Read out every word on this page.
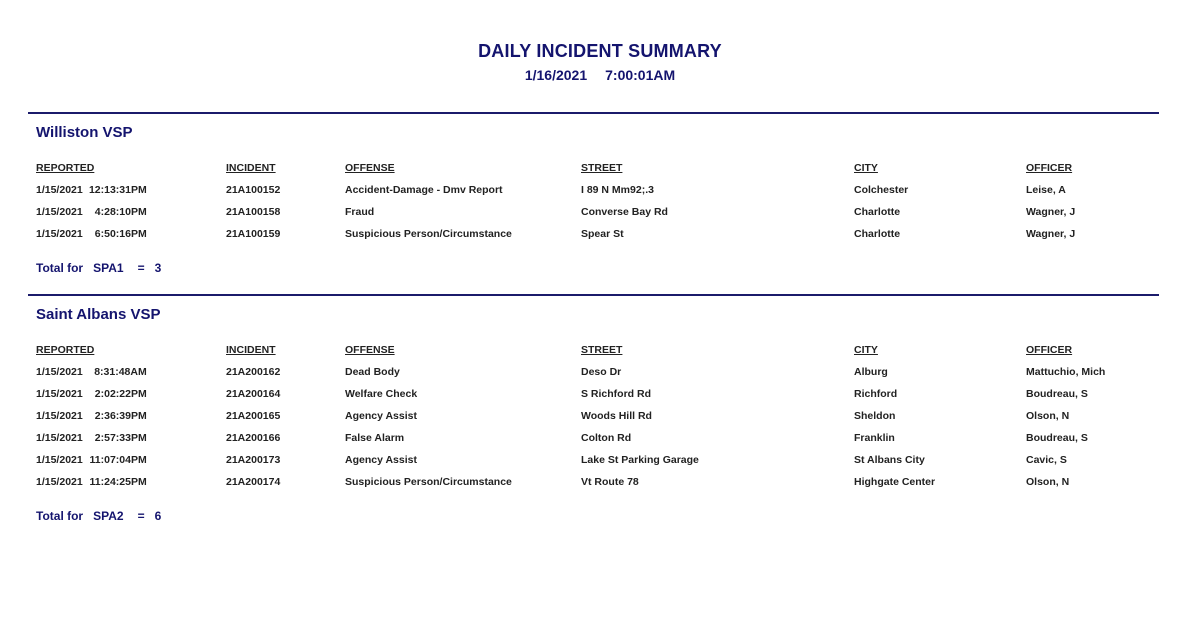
DAILY INCIDENT SUMMARY
1/16/2021 7:00:01AM
Williston VSP
REPORTED	INCIDENT	OFFENSE	STREET	CITY	OFFICER
1/15/2021 12:13:31PM	21A100152	Accident-Damage - Dmv Report	I 89 N Mm92;.3	Colchester	Leise, A
1/15/2021 4:28:10PM	21A100158	Fraud	Converse Bay Rd	Charlotte	Wagner, J
1/15/2021 6:50:16PM	21A100159	Suspicious Person/Circumstance	Spear St	Charlotte	Wagner, J
Total for SPA1 = 3
Saint Albans VSP
REPORTED	INCIDENT	OFFENSE	STREET	CITY	OFFICER
1/15/2021 8:31:48AM	21A200162	Dead Body	Deso Dr	Alburg	Mattuchio, Mich
1/15/2021 2:02:22PM	21A200164	Welfare Check	S Richford Rd	Richford	Boudreau, S
1/15/2021 2:36:39PM	21A200165	Agency Assist	Woods Hill Rd	Sheldon	Olson, N
1/15/2021 2:57:33PM	21A200166	False Alarm	Colton Rd	Franklin	Boudreau, S
1/15/2021 11:07:04PM	21A200173	Agency Assist	Lake St Parking Garage	St Albans City	Cavic, S
1/15/2021 11:24:25PM	21A200174	Suspicious Person/Circumstance	Vt Route 78	Highgate Center	Olson, N
Total for SPA2 = 6
